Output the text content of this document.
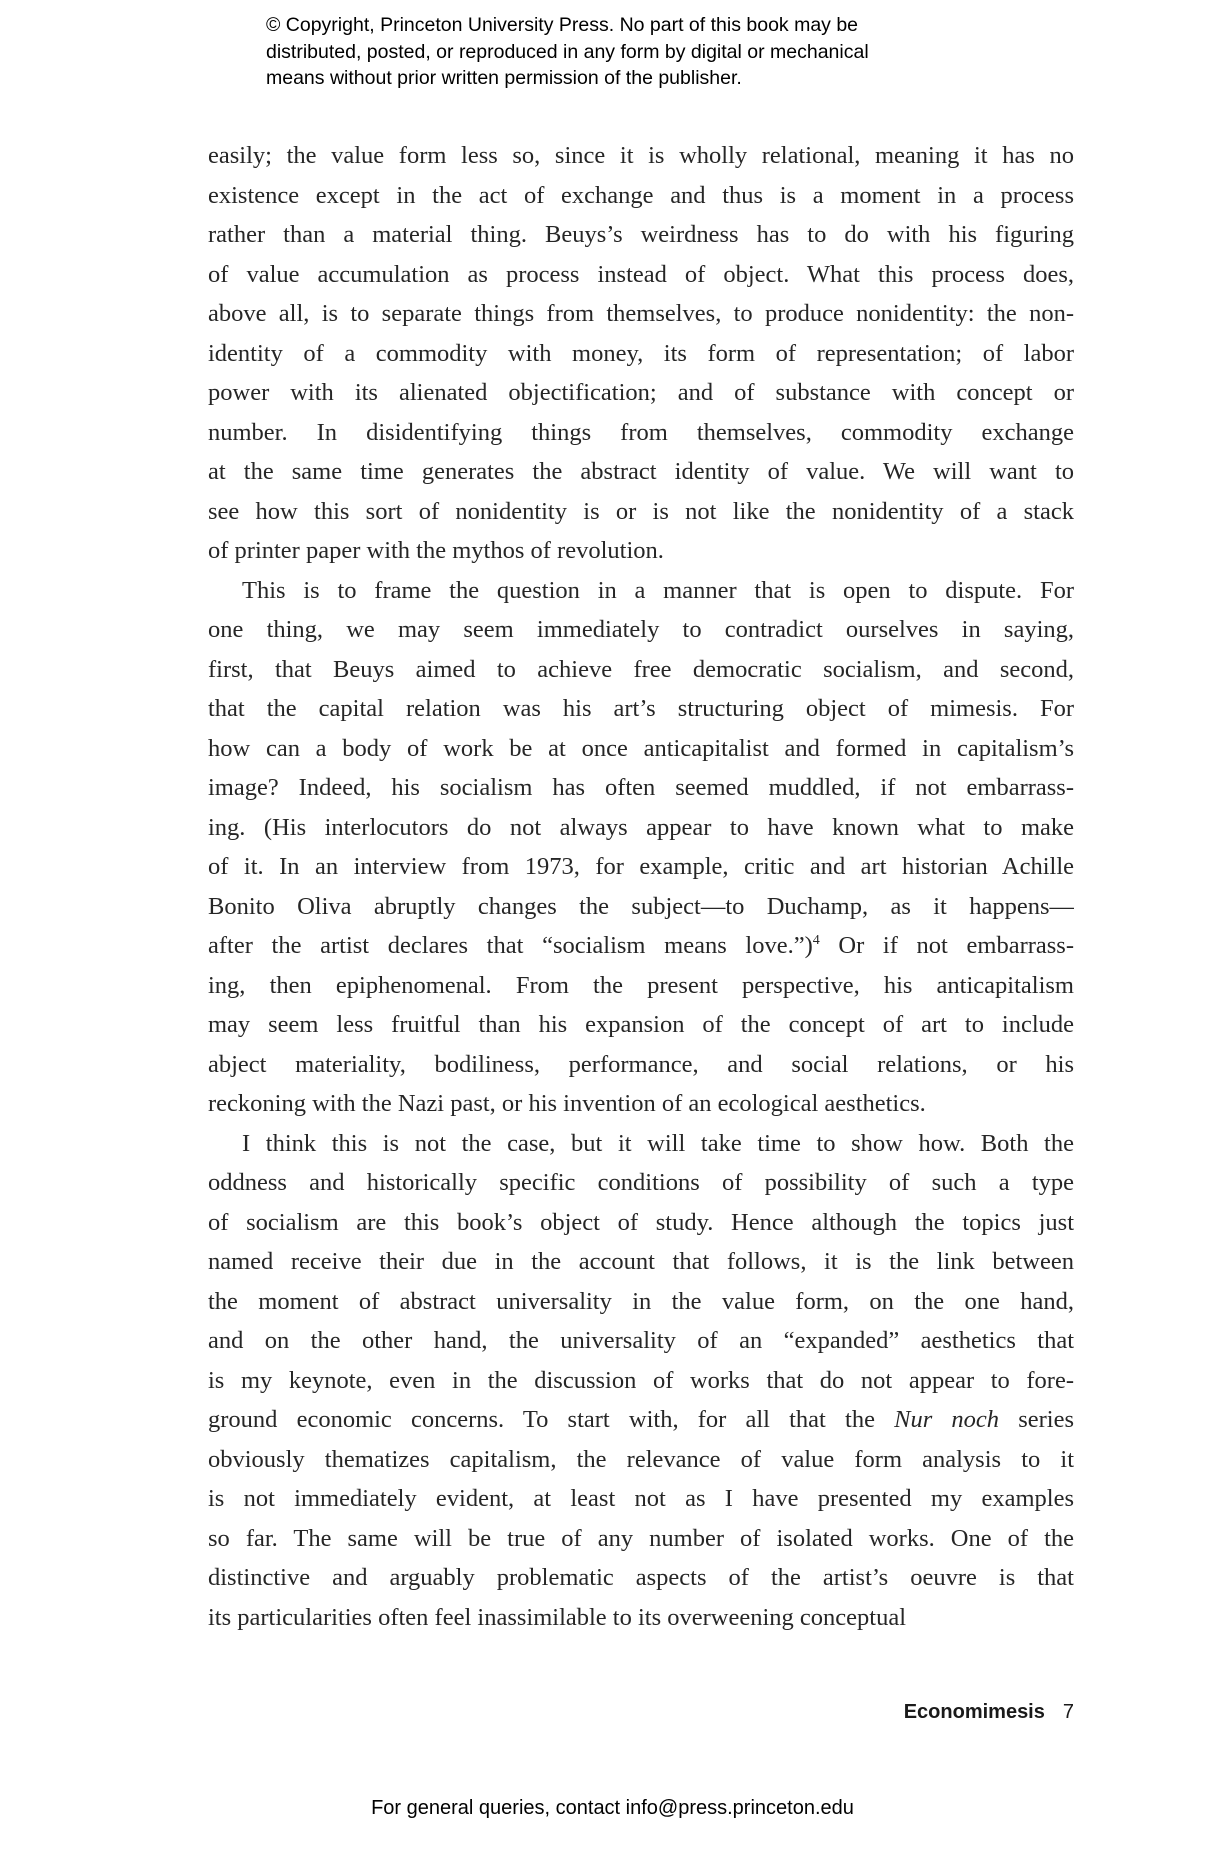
© Copyright, Princeton University Press. No part of this book may be
distributed, posted, or reproduced in any form by digital or mechanical
means without prior written permission of the publisher.
easily; the value form less so, since it is wholly relational, meaning it has no
existence except in the act of exchange and thus is a moment in a process
rather than a material thing. Beuys’s weirdness has to do with his figuring
of value accumulation as process instead of object. What this process does,
above all, is to separate things from themselves, to produce nonidentity: the non-
identity of a commodity with money, its form of representation; of labor
power with its alienated objectification; and of substance with concept or
number. In disidentifying things from themselves, commodity exchange
at the same time generates the abstract identity of value. We will want to
see how this sort of nonidentity is or is not like the nonidentity of a stack
of printer paper with the mythos of revolution.
This is to frame the question in a manner that is open to dispute. For
one thing, we may seem immediately to contradict ourselves in saying,
first, that Beuys aimed to achieve free democratic socialism, and second,
that the capital relation was his art’s structuring object of mimesis. For
how can a body of work be at once anticapitalist and formed in capitalism’s
image? Indeed, his socialism has often seemed muddled, if not embarrass-
ing. (His interlocutors do not always appear to have known what to make
of it. In an interview from 1973, for example, critic and art historian Achille
Bonito Oliva abruptly changes the subject—to Duchamp, as it happens—
after the artist declares that “socialism means love.”)$^4$ Or if not embarrass-
ing, then epiphenomenal. From the present perspective, his anticapitalism
may seem less fruitful than his expansion of the concept of art to include
abject materiality, bodiliness, performance, and social relations, or his
reckoning with the Nazi past, or his invention of an ecological aesthetics.
I think this is not the case, but it will take time to show how. Both the
oddness and historically specific conditions of possibility of such a type
of socialism are this book’s object of study. Hence although the topics just
named receive their due in the account that follows, it is the link between
the moment of abstract universality in the value form, on the one hand,
and on the other hand, the universality of an “expanded” aesthetics that
is my keynote, even in the discussion of works that do not appear to fore-
ground economic concerns. To start with, for all that the Nur noch series
obviously thematizes capitalism, the relevance of value form analysis to it
is not immediately evident, at least not as I have presented my examples
so far. The same will be true of any number of isolated works. One of the
distinctive and arguably problematic aspects of the artist’s oeuvre is that
its particularities often feel inassimilable to its overweening conceptual
Economimesis 7
For general queries, contact info@press.princeton.edu
